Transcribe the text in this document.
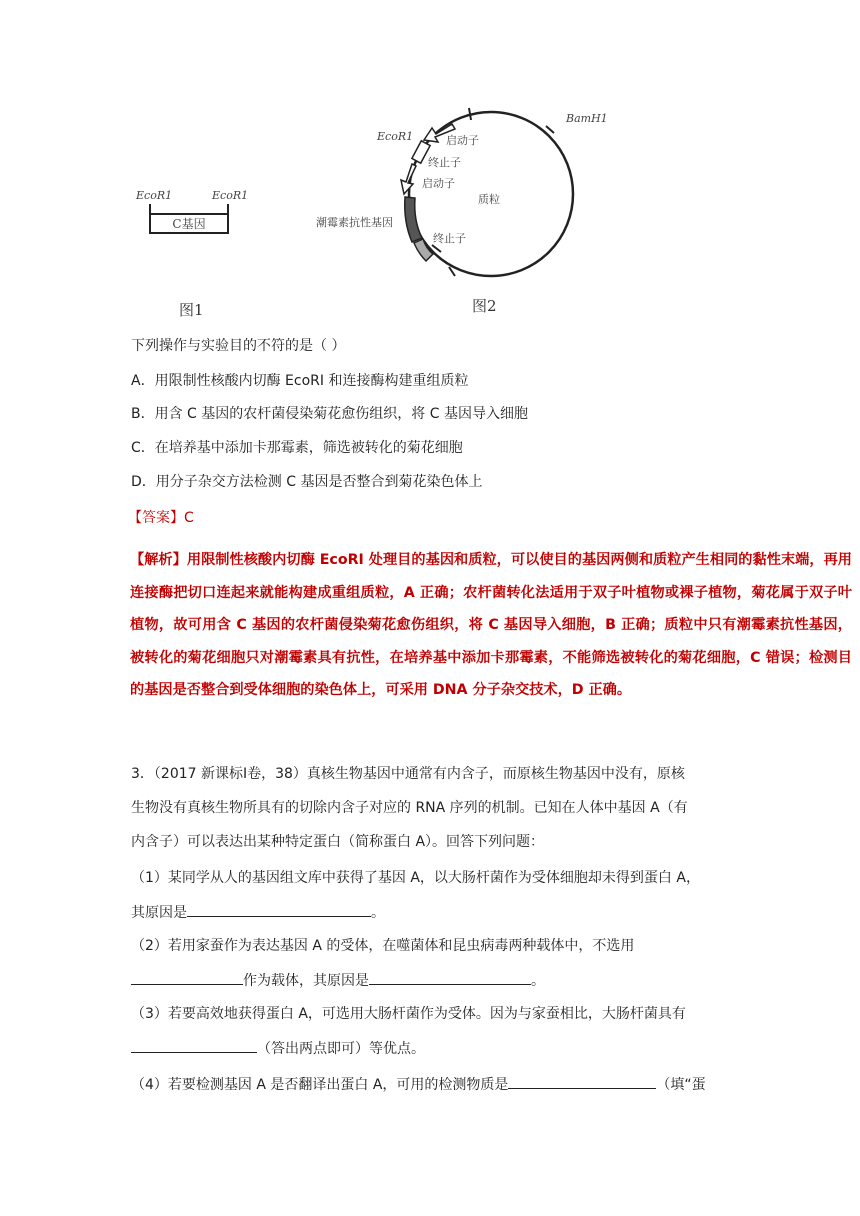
EcoR1	EcoR1
C基因
BamH1
EcoR1	启动子
终止子
启动子
质粒
潮霉素抗性基因
终止子
图1	图2
下列操作与实验目的不符的是（ ）
A．用限制性核酸内切酶 EcoRI 和连接酶构建重组质粒
B．用含 C 基因的农杆菌侵染菊花愈伤组织，将 C 基因导入细胞
C．在培养基中添加卡那霉素，筛选被转化的菊花细胞
D．用分子杂交方法检测 C 基因是否整合到菊花染色体上
【答案】C
【解析】用限制性核酸内切酶 EcoRI 处理目的基因和质粒，可以使目的基因两侧和质粒产生相同的黏性末端，再用连接酶把切口连起来就能构建成重组质粒，A 正确；农杆菌转化法适用于双子叶植物或裸子植物，菊花属于双子叶植物，故可用含 C 基因的农杆菌侵染菊花愈伤组织，将 C 基因导入细胞，B 正确；质粒中只有潮霉素抗性基因，被转化的菊花细胞只对潮霉素具有抗性，在培养基中添加卡那霉素，不能筛选被转化的菊花细胞，C 错误；检测目的基因是否整合到受体细胞的染色体上，可采用 DNA 分子杂交技术，D 正确。
3．（2017 新课标Ⅰ卷，38）真核生物基因中通常有内含子，而原核生物基因中没有，原核
生物没有真核生物所具有的切除内含子对应的 RNA 序列的机制。已知在人体中基因 A（有
内含子）可以表达出某种特定蛋白（简称蛋白 A）。回答下列问题：
（1）某同学从人的基因组文库中获得了基因 A，以大肠杆菌作为受体细胞却未得到蛋白 A，
其原因是	。
（2）若用家蚕作为表达基因 A 的受体，在噬菌体和昆虫病毒两种载体中，不选用
作为载体，其原因是	。
（3）若要高效地获得蛋白 A，可选用大肠杆菌作为受体。因为与家蚕相比，大肠杆菌具有
（答出两点即可）等优点。
（4）若要检测基因 A 是否翻译出蛋白 A，可用的检测物质是	（填“蛋
